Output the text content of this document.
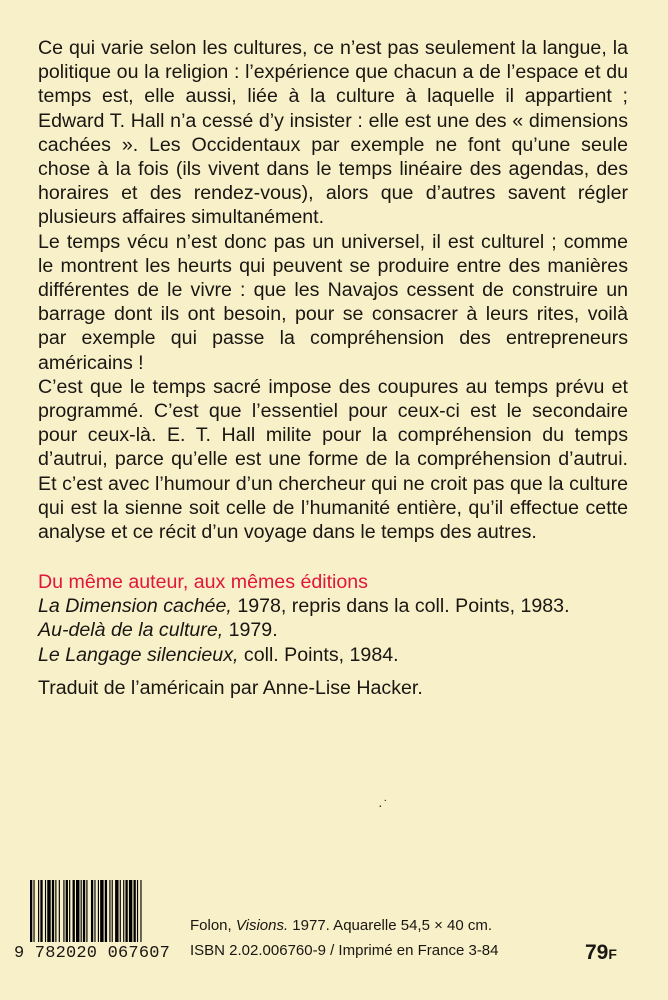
Ce qui varie selon les cultures, ce n’est pas seulement la langue, la politique ou la religion : l’expérience que chacun a de l’espace et du temps est, elle aussi, liée à la culture à laquelle il appartient ; Edward T. Hall n’a cessé d’y insister : elle est une des « dimensions cachées ». Les Occidentaux par exemple ne font qu’une seule chose à la fois (ils vivent dans le temps linéaire des agendas, des horaires et des rendez-vous), alors que d’autres savent régler plusieurs affaires simultanément.

Le temps vécu n’est donc pas un universel, il est culturel ; comme le montrent les heurts qui peuvent se produire entre des manières différentes de le vivre : que les Navajos cessent de construire un barrage dont ils ont besoin, pour se consacrer à leurs rites, voilà par exemple qui passe la compréhension des entrepreneurs américains !

C’est que le temps sacré impose des coupures au temps prévu et programmé. C’est que l’essentiel pour ceux-ci est le secondaire pour ceux-là. E. T. Hall milite pour la compréhension du temps d’autrui, parce qu’elle est une forme de la compréhension d’autrui. Et c’est avec l’humour d’un chercheur qui ne croit pas que la culture qui est la sienne soit celle de l’humanité entière, qu’il effectue cette analyse et ce récit d’un voyage dans le temps des autres.

Du même auteur, aux mêmes éditions
La Dimension cachée, 1978, repris dans la coll. Points, 1983.
Au-delà de la culture, 1979.
Le Langage silencieux, coll. Points, 1984.
Traduit de l’américain par Anne-Lise Hacker.
·˙
9 782020 067607
Folon, Visions. 1977. Aquarelle 54,5 × 40 cm.
ISBN 2.02.006760-9 / Imprimé en France 3-84	79F
